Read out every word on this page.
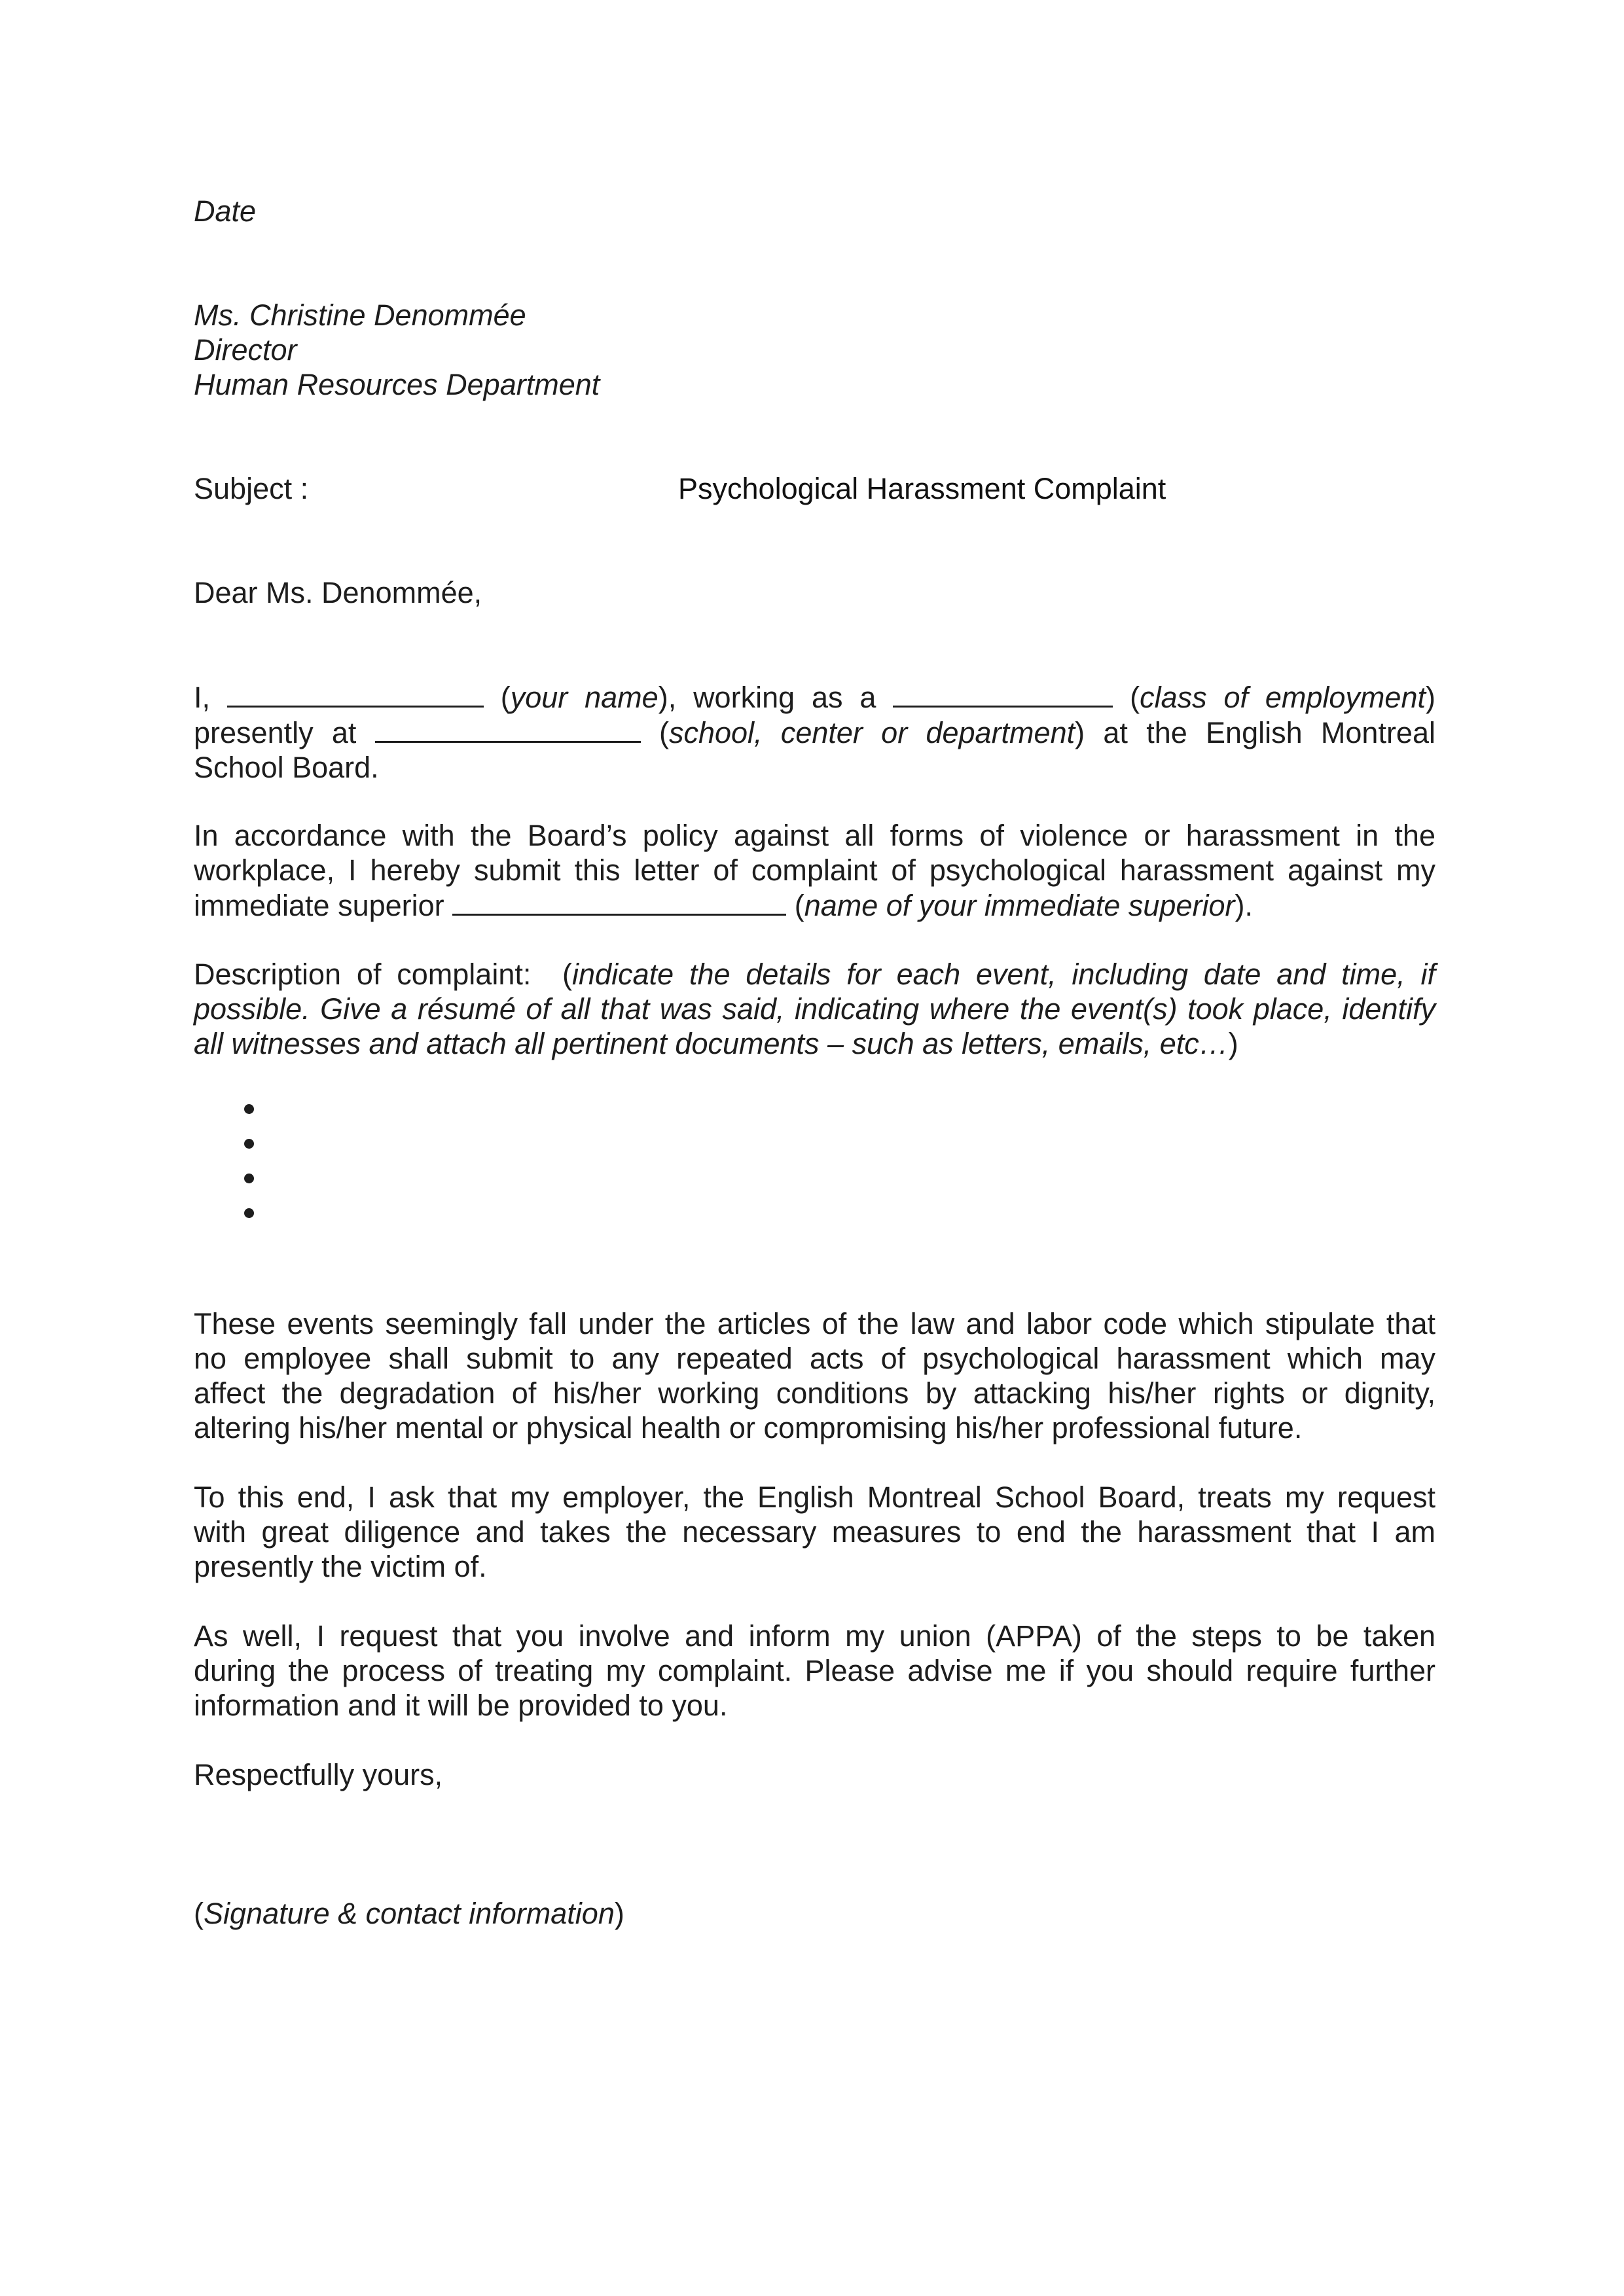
Date
Ms. Christine Denommée
Director
Human Resources Department
Subject :	Psychological Harassment Complaint
Dear Ms. Denommée,
I,	(your name), working as a	(class of employment)
presently at	(school, center or department) at the English Montreal
School Board.
In accordance with the Board’s policy against all forms of violence or harassment in the
workplace, I hereby submit this letter of complaint of psychological harassment against my
immediate superior	(name of your immediate superior).
Description of complaint: (indicate the details for each event, including date and time, if
possible. Give a résumé of all that was said, indicating where the event(s) took place, identify
all witnesses and attach all pertinent documents – such as letters, emails, etc…)
These events seemingly fall under the articles of the law and labor code which stipulate that
no employee shall submit to any repeated acts of psychological harassment which may
affect the degradation of his/her working conditions by attacking his/her rights or dignity,
altering his/her mental or physical health or compromising his/her professional future.
To this end, I ask that my employer, the English Montreal School Board, treats my request
with great diligence and takes the necessary measures to end the harassment that I am
presently the victim of.
As well, I request that you involve and inform my union (APPA) of the steps to be taken
during the process of treating my complaint. Please advise me if you should require further
information and it will be provided to you.
Respectfully yours,
(Signature & contact information)
